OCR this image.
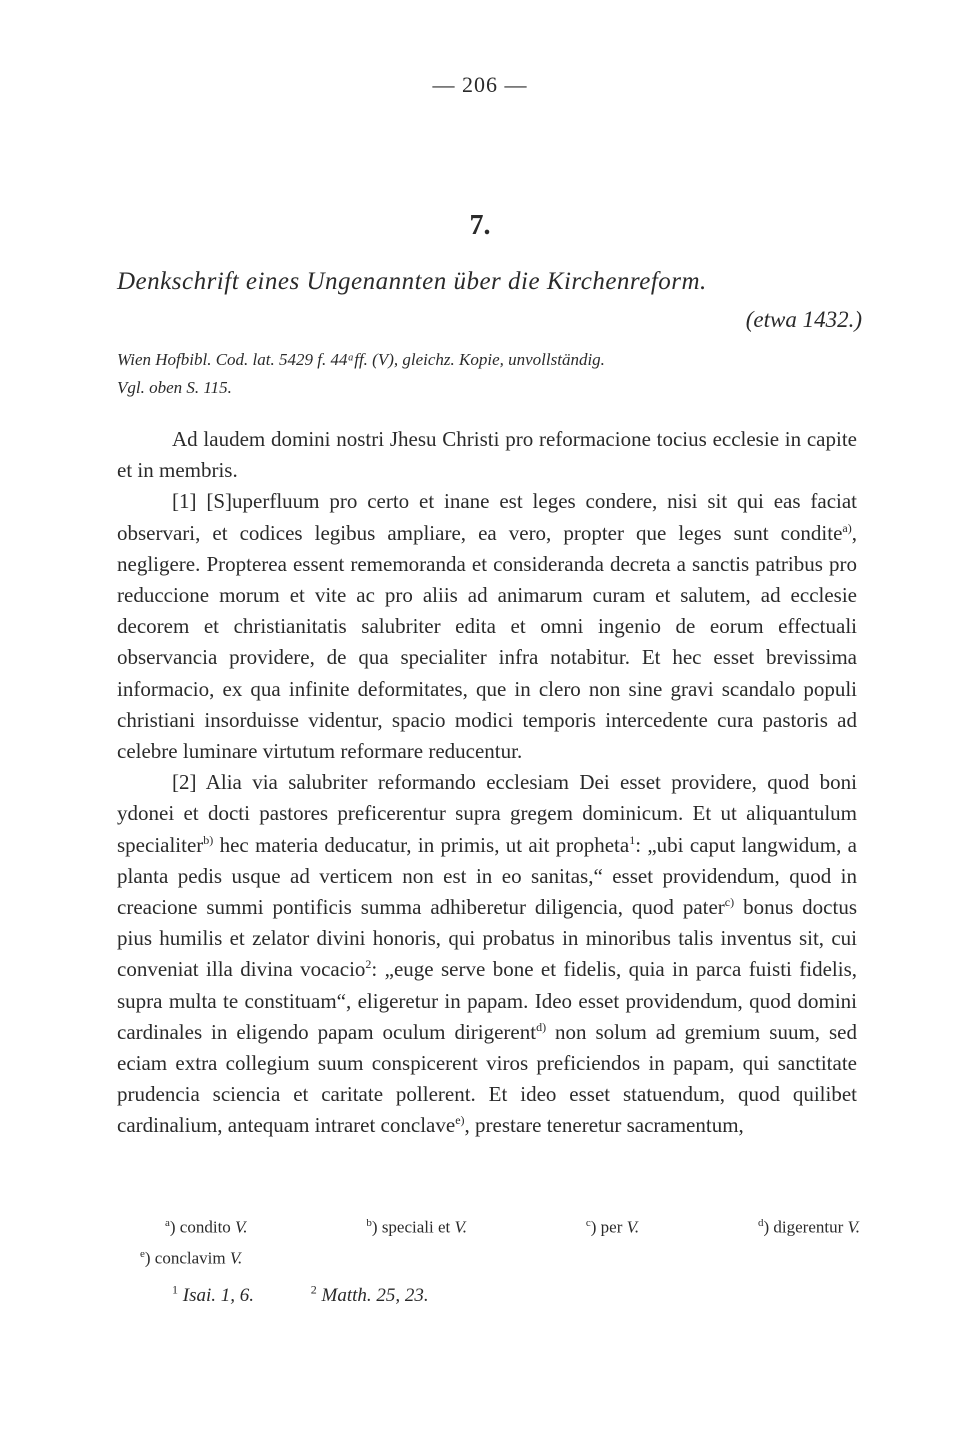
— 206 —
7.
Denkschrift eines Ungenannten über die Kirchenreform.
(etwa 1432.)
Wien Hofbibl. Cod. lat. 5429 f. 44ᵃff. (V), gleichz. Kopie, unvollständig.
Vgl. oben S. 115.

Ad laudem domini nostri Jhesu Christi pro reformacione tocius ecclesie in capite et in membris.

[1] [S]uperfluum pro certo et inane est leges condere, nisi sit qui eas faciat observari, et codices legibus ampliare, ea vero, propter que leges sunt condite$^{a)}$, negligere. Propterea essent rememoranda et consideranda decreta a sanctis patribus pro reduccione morum et vite ac pro aliis ad animarum curam et salutem, ad ecclesie decorem et christianitatis salubriter edita et omni ingenio de eorum effectuali observancia providere, de qua specialiter infra notabitur. Et hec esset brevissima informacio, ex qua infinite deformitates, que in clero non sine gravi scandalo populi christiani insorduisse videntur, spacio modici temporis intercedente cura pastoris ad celebre luminare virtutum reformare reducentur.

[2] Alia via salubriter reformando ecclesiam Dei esset providere, quod boni ydonei et docti pastores preficerentur supra gregem dominicum. Et ut aliquantulum specialiter$^{b)}$ hec materia deducatur, in primis, ut ait propheta$^1$: „ubi caput langwidum, a planta pedis usque ad verticem non est in eo sanitas,“ esset providendum, quod in creacione summi pontificis summa adhiberetur diligencia, quod pater$^{c)}$ bonus doctus pius humilis et zelator divini honoris, qui probatus in minoribus talis inventus sit, cui conveniat illa divina vocacio$^2$: „euge serve bone et fidelis, quia in parca fuisti fidelis, supra multa te constituam“, eligeretur in papam. Ideo esset providendum, quod domini cardinales in eligendo papam oculum dirigerent$^{d)}$ non solum ad gremium suum, sed eciam extra collegium suum conspicerent viros preficiendos in papam, qui sanctitate prudencia sciencia et caritate pollerent. Et ideo esset statuendum, quod quilibet cardinalium, antequam intraret conclave$^{e)}$, prestare teneretur sacramentum,

$^a$) condito V.	$^b$) speciali et V.	$^c$) per V.	$^d$) digerentur V.
$^e$) conclavim V.
$^1$ Isai. 1, 6.	$^2$ Matth. 25, 23.
